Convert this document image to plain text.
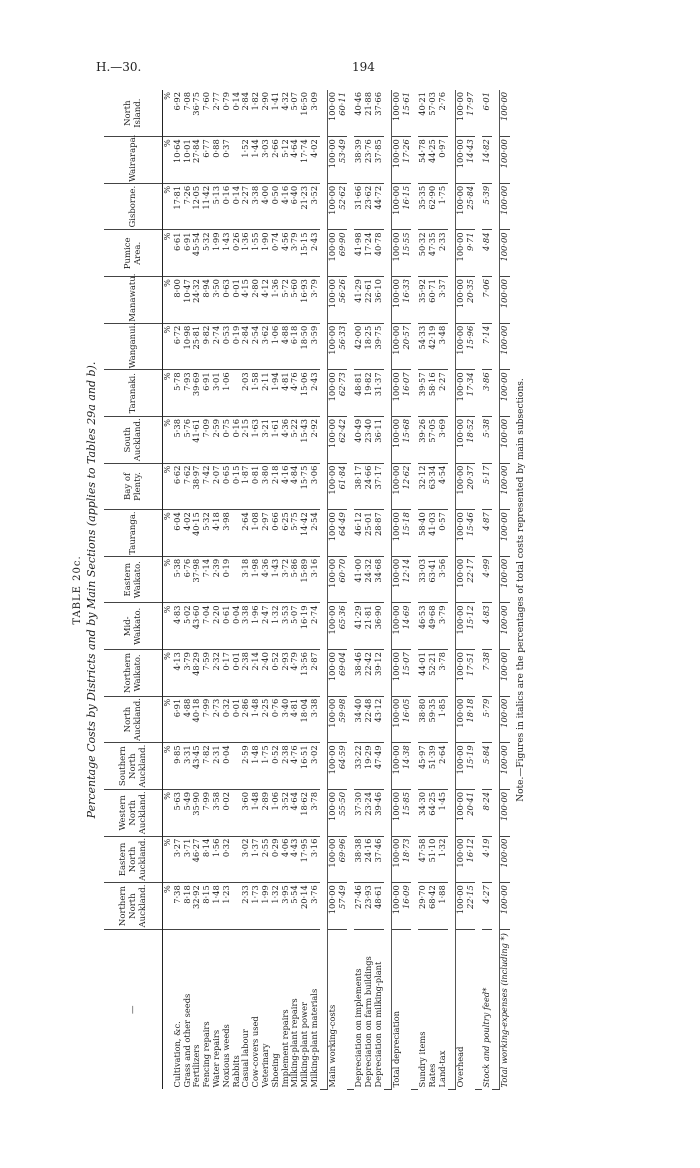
H.—30.	194
TABLE 20c. Percentage Costs by Districts and by Main Sections (applies to Tables 29a and b).
—	Northern North Auckland.	Eastern North Auckland.	Western North Auckland.	Southern North Auckland.	North Auckland.	Northern Waikato.	Mid-Waikato.	Eastern Waikato.	Tauranga.	Bay of Plenty.	South Auckland.	Taranaki.	Wanganui.	Manawatu.	Pumice Area.	Gisborne.	Wairarapa.	North Island.
	%	%	%	%	%	%	%	%	%	%	%	%	%	%	%	%	%	%
Cultivation, &c.	7·38	3·27	5·63	9·85	6·91	4·13	4·83	5·38	6·04	6·62	5·38	5·78	6·72	8·00	6·61	17·81	10·64	6·92
Grass and other seeds	8·18	3·71	5·49	3·31	4·88	3·79	5·02	6·76	4·02	7·62	5·76	7·93	10·98	10·47	6·91	7·26	10·01	7·08
Fertilizers	32·92	46·27	35·90	43·45	40·18	48·29	43·60	37·98	40·15	38·97	41·61	39·69	25·81	24·32	45·54	12·05	27·84	36·75
Fencing repairs	8·15	8·14	7·99	7·82	7·99	7·59	7·04	7·14	5·32	7·42	7·09	6·91	9·82	8·94	5·32	11·42	6·77	7·60
Water repairs	1·48	1·56	3·58	2·31	2·73	2·32	2·20	2·39	4·18	2·07	2·59	3·01	2·74	3·50	1·99	5·13	0·88	2·77
Noxious weeds	1·23	0·32	0·02	0·04	0·32	0·17	0·61	0·19	3·98	0·65	0·75	1·06	0·53	0·63	1·43	0·16	0·37	0·79
Rabbits					0·01	0·01	0·04			0·15	0·16		0·19	0·01	0·26	0·14		0·14
Casual labour	2·33	3·02	3·60	2·59	2·86	2·38	3·38	3·18	2·64	1·87	2·15	2·03	2·84	4·15	1·36	2·27	1·52	2·84
Cow-covers used	1·73	1·37	1·48	1·48	1·48	2·14	1·96	1·98	1·08	0·81	1·63	1·58	2·54	2·80	1·55	3·38	1·44	1·82
Veterinary	1·99	2·55	2·89	1·75	2·25	2·40	2·47	4·36	2·97	3·80	3·21	2·11	3·62	4·12	1·90	4·00	3·03	2·90
Shoeing	1·32	0·29	1·06	0·52	0·76	0·52	1·32	1·43	0·66	2·18	1·61	1·94	1·06	1·36	0·74	0·50	2·66	1·41
Implement repairs	3·95	4·06	3·52	2·38	3·40	2·93	3·53	3·72	6·25	4·16	4·36	4·81	4·88	5·72	4·56	4·16	5·12	4·32
Milking-plant repairs	5·54	4·43	4·64	4·76	4·81	4·79	5·07	5·86	5·75	4·84	5·22	4·76	6·18	5·60	3·79	6·40	4·64	5·07
Milking-plant power	20·14	17·95	18·62	16·51	18·04	13·56	16·19	15·89	14·42	15·75	15·43	15·06	18·50	16·93	15·15	21·23	17·74	16·50
Milking-plant materials	3·76	3·16	3·78	3·02	3·38	2·87	2·74	3·16	2·54	3·06	2·92	2·43	3·59	3·79	2·43	3·52	4·02	3·09

Main working-costs	100·00	100·00	100·00	100·00	100·00	100·00	100·00	100·00	100·00	100·00	100·00	100·00	100·00	100·00	100·00	100·00	100·00	100·00
	57·49	69·96	55·50	64·59	59·98	69·04	65·36	60·70	64·49	61·84	62·42	62·73	56·33	56·26	69·90	52·62	53·49	60·11

Depreciation on implements	27·46	38·38	37·30	33·22	34·40	38·46	41·29	41·00	46·12	38·17	40·49	48·81	42·00	41·29	41·98	31·66	38·39	40·46
Depreciation on farm buildings	23·93	24·16	23·24	19·29	22·48	22·42	21·81	24·32	25·01	24·66	23·40	19·82	18·25	22·61	17·24	23·62	23·76	21·88
Depreciation on milking-plant	48·61	37·46	39·46	47·49	43·12	39·12	36·90	34·68	28·87	37·17	36·11	31·37	39·75	36·10	40·78	44·72	37·85	37·66

Total depreciation	100·00	100·00	100·00	100·00	100·00	100·00	100·00	100·00	100·00	100·00	100·00	100·00	100·00	100·00	100·00	100·00	100·00	100·00
	16·09	18·73	15·85	14·38	16·05	15·07	14·69	12·14	15·18	12·62	15·68	16·07	20·57	16·33	15·55	16·15	17·26	15·61

Sundry items	29·70	47·58	34·30	45·97	38·80	44·01	46·53	33·03	58·40	32·12	39·26	39·57	54·33	35·92	50·32	35·35	54·78	40·21
Rates	68·42	51·10	64·25	51·39	59·35	52·21	49·68	63·41	41·03	63·34	57·05	58·16	42·19	60·71	47·35	62·90	44·25	57·03
Land-tax	1·88	1·32	1·45	2·64	1·85	3·78	3·79	3·56	0·57	4·54	3·69	2·27	3·48	3·37	2·33	1·75	0·97	2·76

Overhead	100·00	100·00	100·00	100·00	100·00	100·00	100·00	100·00	100·00	100·00	100·00	100·00	100·00	100·00	100·00	100·00	100·00	100·00
	22·15	16·12	20·41	15·19	18·18	17·51	15·12	22·17	15·46	20·37	18·52	17·34	15·96	20·35	9·71	25·84	14·43	17·97

Stock and poultry feed*	4·27	4·19	8·24	5·84	5·79	7·38	4·83	4·99	4·87	5·17	5·38	3·86	7·14	7·06	4·84	5·39	14·82	6·01

Total working-expenses (including *)	100·00	100·00	100·00	100·00	100·00	100·00	100·00	100·00	100·00	100·00	100·00	100·00	100·00	100·00	100·00	100·00	100·00	100·00
Note.—Figures in italics are the percentages of total costs represented by main subsections.
